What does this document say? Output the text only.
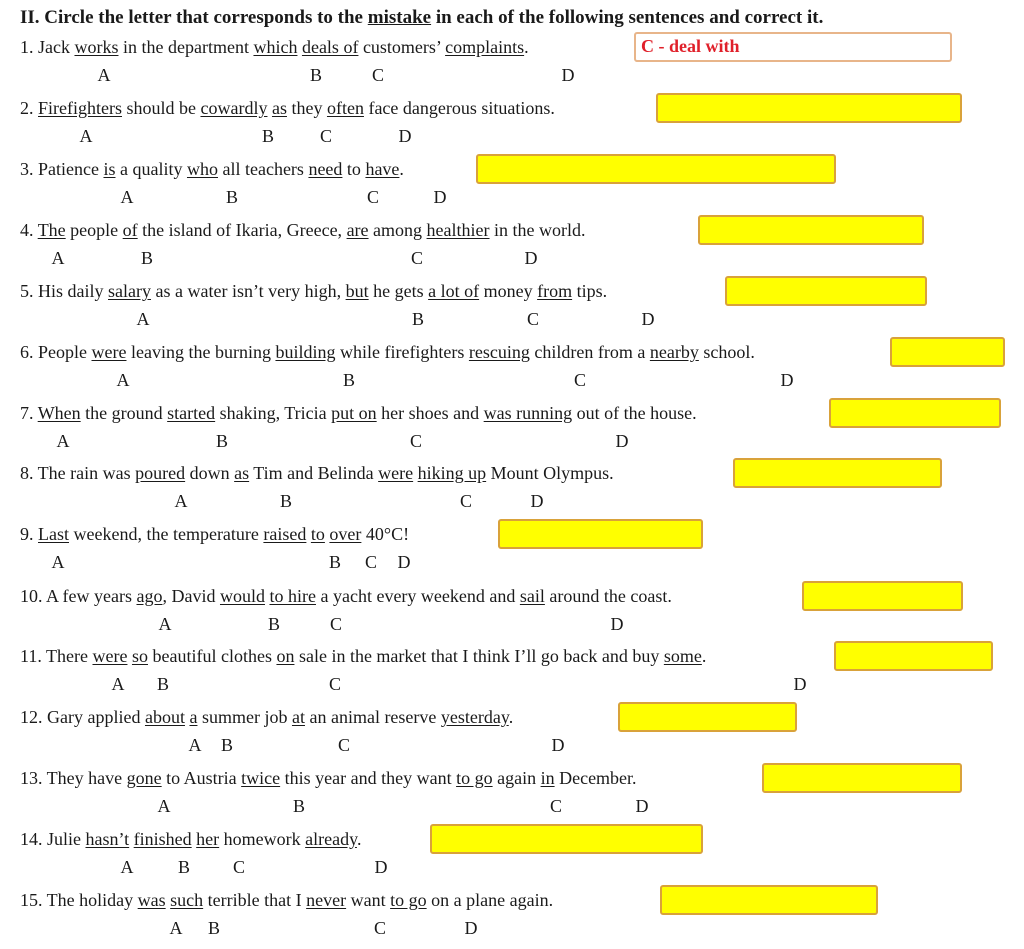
II. Circle the letter that corresponds to the mistake in each of the following sentences and correct it.
1. Jack works in the department which deals of customers’ complaints.
A	B	C	D
C - deal with
2. Firefighters should be cowardly as they often face dangerous situations.
A	B	C	D
3. Patience is a quality who all teachers need to have.
A	B	C	D
4. The people of the island of Ikaria, Greece, are among healthier in the world.
A	B	C	D
5. His daily salary as a water isn’t very high, but he gets a lot of money from tips.
A	B	C	D
6. People were leaving the burning building while firefighters rescuing children from a nearby school.
A	B	C	D
7. When the ground started shaking, Tricia put on her shoes and was running out of the house.
A	B	C	D
8. The rain was poured down as Tim and Belinda were hiking up Mount Olympus.
A	B	C	D
9. Last weekend, the temperature raised to over 40°C!
A	B C D
10. A few years ago, David would to hire a yacht every weekend and sail around the coast.
A	B	C	D
11. There were so beautiful clothes on sale in the market that I think I’ll go back and buy some.
A B	C	D
12. Gary applied about a summer job at an animal reserve yesterday.
A B	C	D
13. They have gone to Austria twice this year and they want to go again in December.
A	B	C	D
14. Julie hasn’t finished her homework already.
A B C	D
15. The holiday was such terrible that I never want to go on a plane again.
A B	C	D
